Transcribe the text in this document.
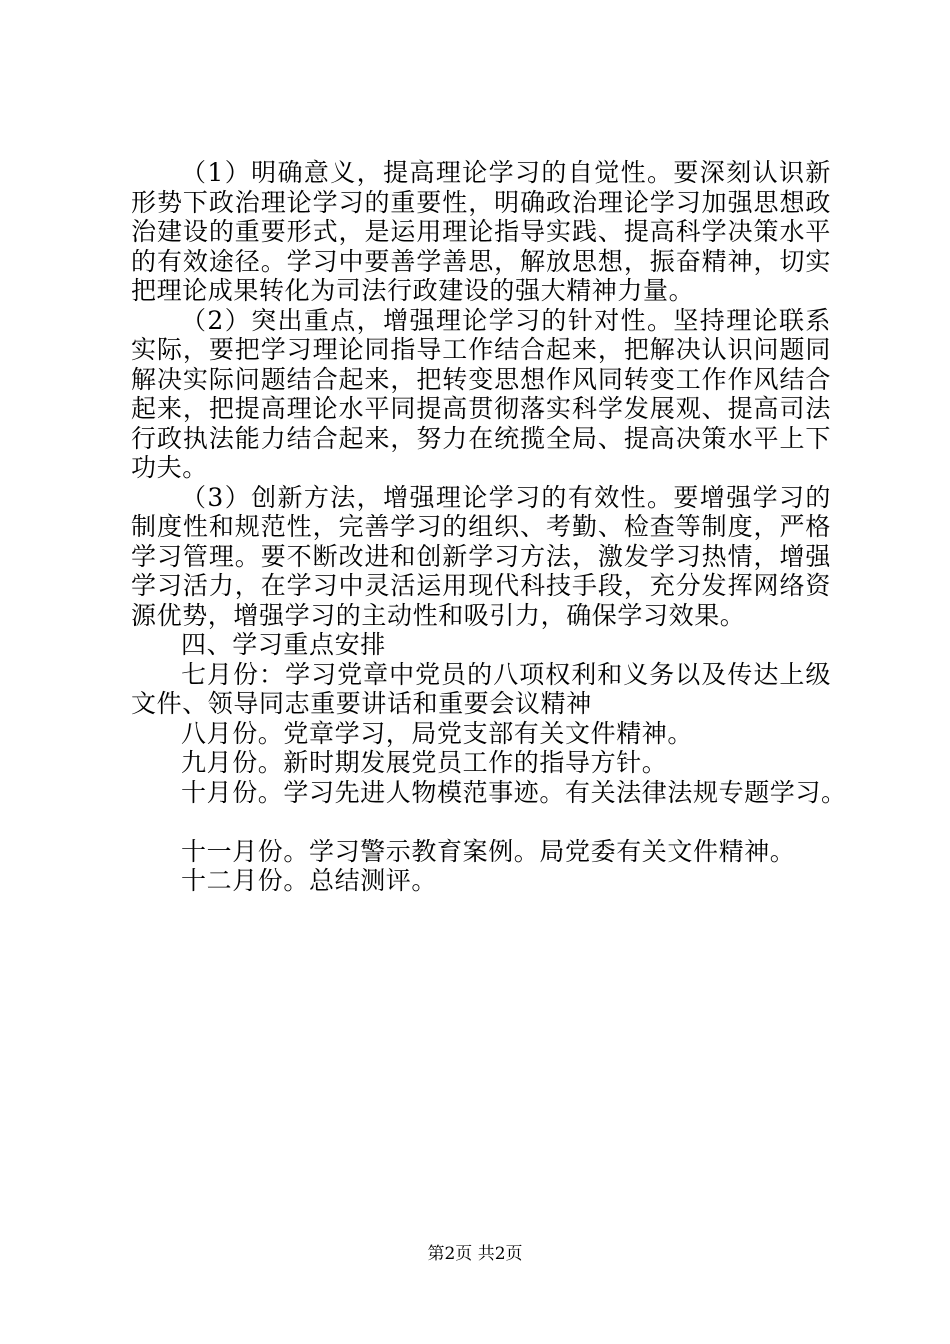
（1）明确意义，提高理论学习的自觉性。要深刻认识新形势下政治理论学习的重要性，明确政治理论学习加强思想政治建设的重要形式，是运用理论指导实践、提高科学决策水平的有效途径。学习中要善学善思，解放思想，振奋精神，切实把理论成果转化为司法行政建设的强大精神力量。

（2）突出重点，增强理论学习的针对性。坚持理论联系实际，要把学习理论同指导工作结合起来，把解决认识问题同解决实际问题结合起来，把转变思想作风同转变工作作风结合起来，把提高理论水平同提高贯彻落实科学发展观、提高司法行政执法能力结合起来，努力在统揽全局、提高决策水平上下功夫。

（3）创新方法，增强理论学习的有效性。要增强学习的制度性和规范性，完善学习的组织、考勤、检查等制度，严格学习管理。要不断改进和创新学习方法，激发学习热情，增强学习活力，在学习中灵活运用现代科技手段，充分发挥网络资源优势，增强学习的主动性和吸引力，确保学习效果。

四、学习重点安排

七月份：学习党章中党员的八项权利和义务以及传达上级文件、领导同志重要讲话和重要会议精神

八月份。党章学习，局党支部有关文件精神。

九月份。新时期发展党员工作的指导方针。

十月份。学习先进人物模范事迹。有关法律法规专题学习。

十一月份。学习警示教育案例。局党委有关文件精神。

十二月份。总结测评。

第2页 共2页
